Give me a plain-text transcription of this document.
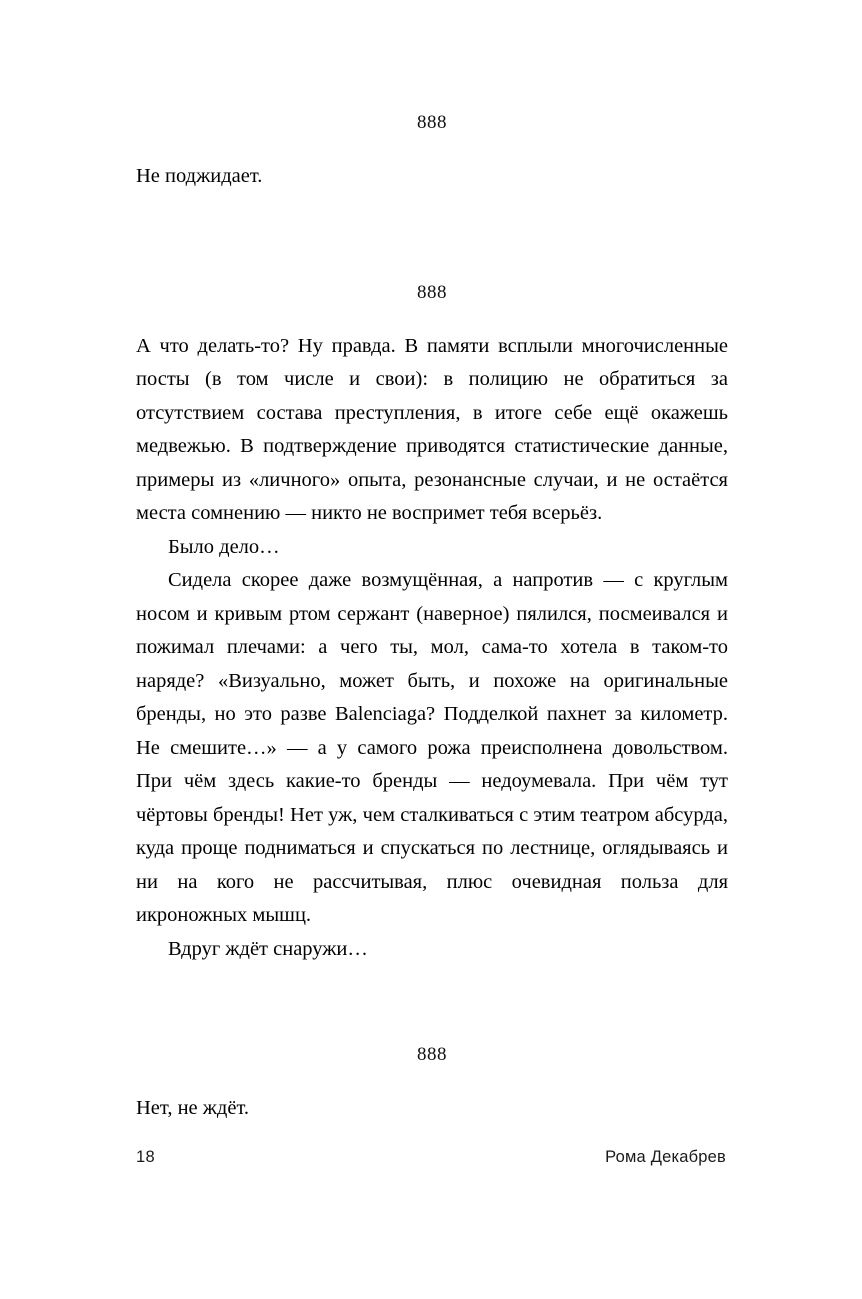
888

Не поджидает.

888

А что делать-то? Ну правда. В памяти всплыли многочисленные посты (в том числе и свои): в полицию не обратиться за отсутствием состава преступления, в итоге себе ещё окажешь медвежью. В подтверждение приводятся статистические данные, примеры из «личного» опыта, резонансные случаи, и не остаётся места сомнению — никто не воспримет тебя всерьёз.

Было дело…

Сидела скорее даже возмущённая, а напротив — с круглым носом и кривым ртом сержант (наверное) пялился, посмеивался и пожимал плечами: а чего ты, мол, сама-то хотела в таком-то наряде? «Визуально, может быть, и похоже на оригинальные бренды, но это разве Balenciaga? Подделкой пахнет за километр. Не смешите…» — а у самого рожа преисполнена довольством. При чём здесь какие-то бренды — недоумевала. При чём тут чёртовы бренды! Нет уж, чем сталкиваться с этим театром абсурда, куда проще подниматься и спускаться по лестнице, оглядываясь и ни на кого не рассчитывая, плюс очевидная польза для икроножных мышц.

Вдруг ждёт снаружи…

888

Нет, не ждёт.

18	Рома Декабрев
